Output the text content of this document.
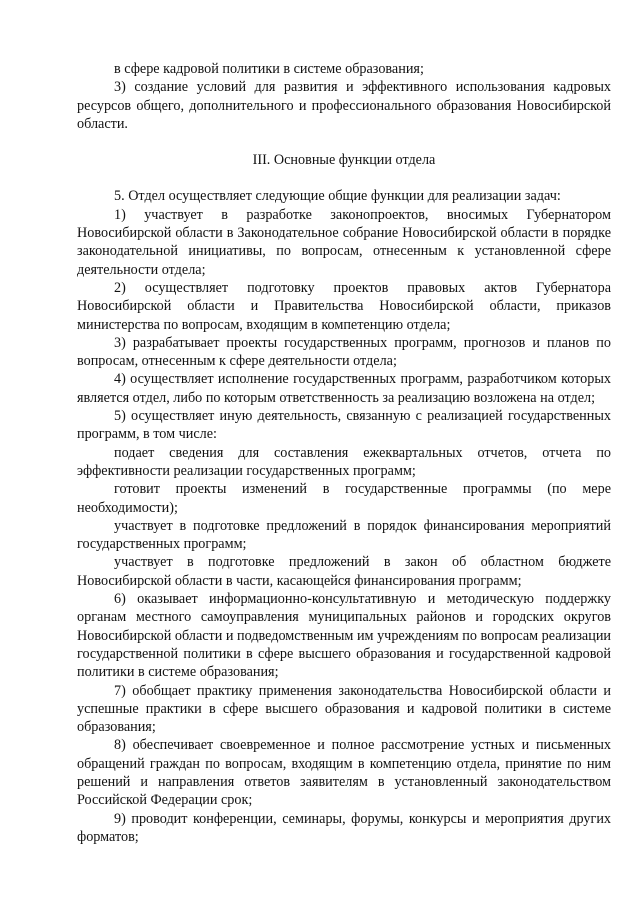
в сфере кадровой политики в системе образования;

3) создание условий для развития и эффективного использования кадровых ресурсов общего, дополнительного и профессионального образования Новосибирской области.

III. Основные функции отдела

5. Отдел осуществляет следующие общие функции для реализации задач:

1) участвует в разработке законопроектов, вносимых Губернатором Новосибирской области в Законодательное собрание Новосибирской области в порядке законодательной инициативы, по вопросам, отнесенным к установленной сфере деятельности отдела;

2) осуществляет подготовку проектов правовых актов Губернатора Новосибирской области и Правительства Новосибирской области, приказов министерства по вопросам, входящим в компетенцию отдела;

3) разрабатывает проекты государственных программ, прогнозов и планов по вопросам, отнесенным к сфере деятельности отдела;

4) осуществляет исполнение государственных программ, разработчиком которых является отдел, либо по которым ответственность за реализацию возложена на отдел;

5) осуществляет иную деятельность, связанную с реализацией государственных программ, в том числе:

подает сведения для составления ежеквартальных отчетов, отчета по эффективности реализации государственных программ;

готовит проекты изменений в государственные программы (по мере необходимости);

участвует в подготовке предложений в порядок финансирования мероприятий государственных программ;

участвует в подготовке предложений в закон об областном бюджете Новосибирской области в части, касающейся финансирования программ;

6) оказывает информационно-консультативную и методическую поддержку органам местного самоуправления муниципальных районов и городских округов Новосибирской области и подведомственным им учреждениям по вопросам реализации государственной политики в сфере высшего образования и государственной кадровой политики в системе образования;

7) обобщает практику применения законодательства Новосибирской области и успешные практики в сфере высшего образования и кадровой политики в системе образования;

8) обеспечивает своевременное и полное рассмотрение устных и письменных обращений граждан по вопросам, входящим в компетенцию отдела, принятие по ним решений и направления ответов заявителям в установленный законодательством Российской Федерации срок;

9) проводит конференции, семинары, форумы, конкурсы и мероприятия других форматов;
